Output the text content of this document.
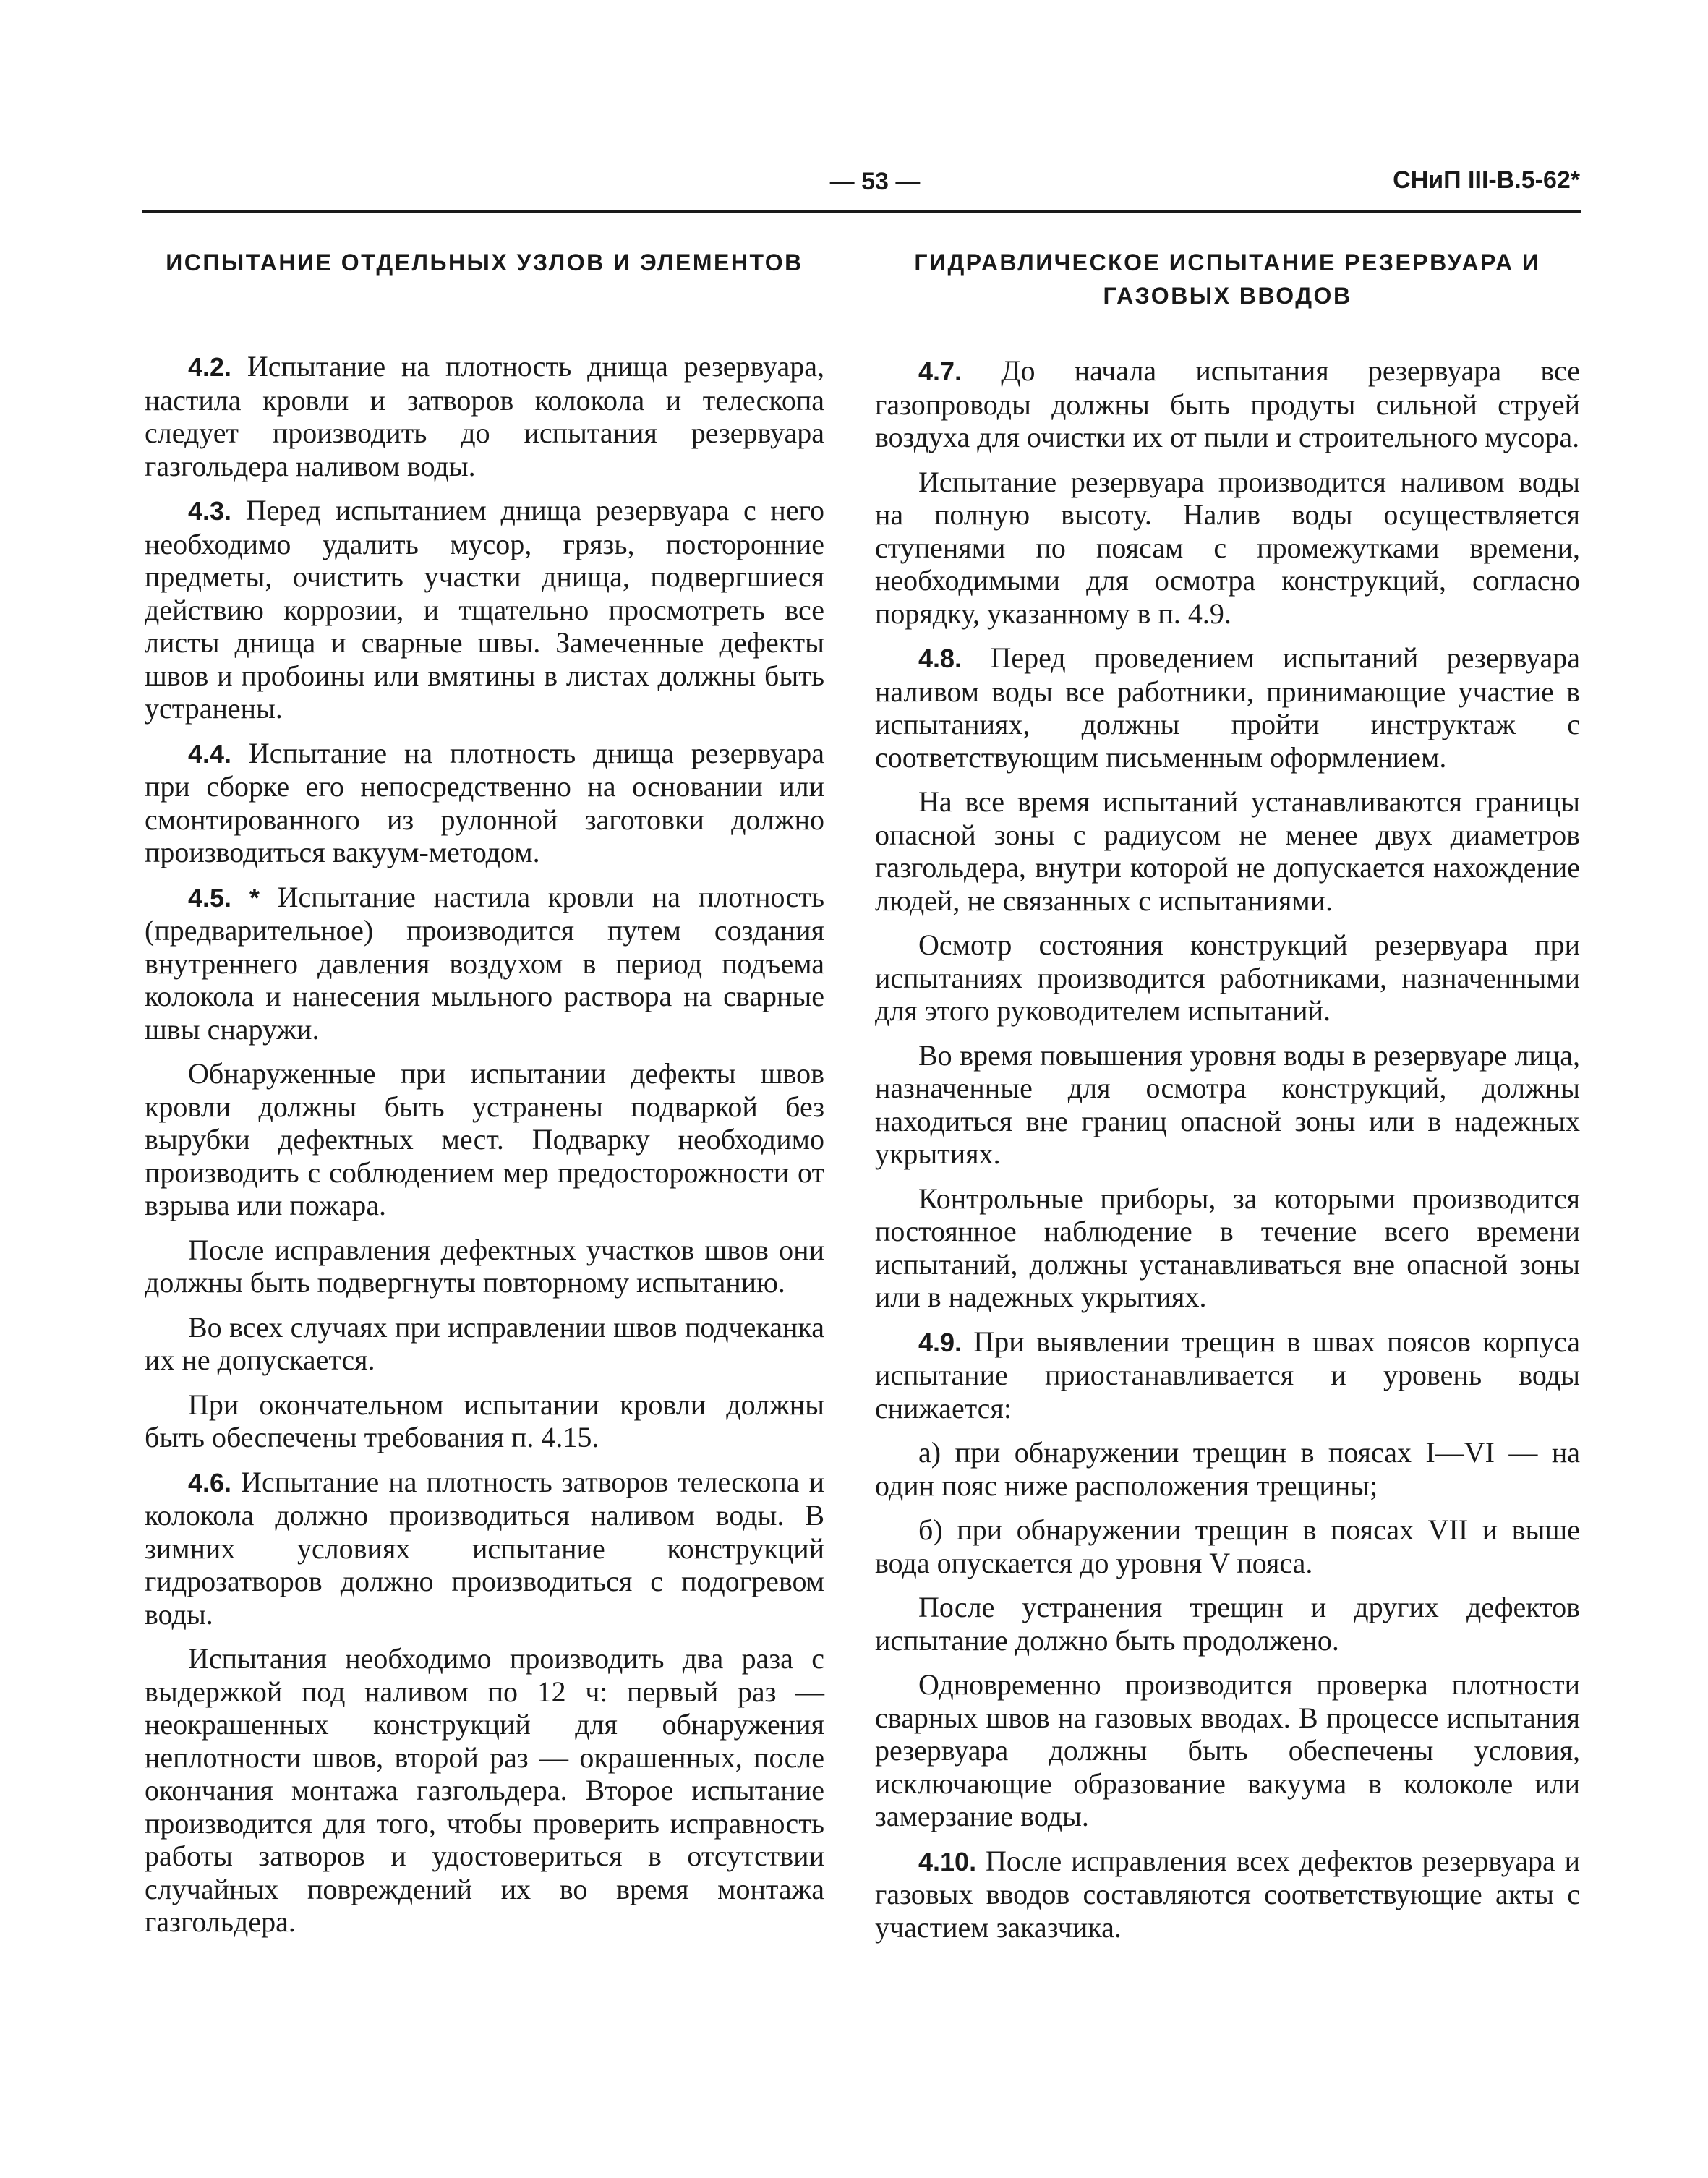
— 53 —	СНиП III-В.5-62*
ИСПЫТАНИЕ ОТДЕЛЬНЫХ УЗЛОВ И ЭЛЕМЕНТОВ

4.2. Испытание на плотность днища резервуара, настила кровли и затворов колокола и телескопа следует производить до испытания резервуара газгольдера наливом воды.

4.3. Перед испытанием днища резервуара с него необходимо удалить мусор, грязь, посторонние предметы, очистить участки днища, подвергшиеся действию коррозии, и тщательно просмотреть все листы днища и сварные швы. Замеченные дефекты швов и пробоины или вмятины в листах должны быть устранены.

4.4. Испытание на плотность днища резервуара при сборке его непосредственно на основании или смонтированного из рулонной заготовки должно производиться вакуум-методом.

4.5. * Испытание настила кровли на плотность (предварительное) производится путем создания внутреннего давления воздухом в период подъема колокола и нанесения мыльного раствора на сварные швы снаружи.

Обнаруженные при испытании дефекты швов кровли должны быть устранены подваркой без вырубки дефектных мест. Подварку необходимо производить с соблюдением мер предосторожности от взрыва или пожара.

После исправления дефектных участков швов они должны быть подвергнуты повторному испытанию.

Во всех случаях при исправлении швов подчеканка их не допускается.

При окончательном испытании кровли должны быть обеспечены требования п. 4.15.

4.6. Испытание на плотность затворов телескопа и колокола должно производиться наливом воды. В зимних условиях испытание конструкций гидрозатворов должно производиться с подогревом воды.

Испытания необходимо производить два раза с выдержкой под наливом по 12 ч: первый раз — неокрашенных конструкций для обнаружения неплотности швов, второй раз — окрашенных, после окончания монтажа газгольдера. Второе испытание производится для того, чтобы проверить исправность работы затворов и удостовериться в отсутствии случайных повреждений их во время монтажа газгольдера.

ГИДРАВЛИЧЕСКОЕ ИСПЫТАНИЕ РЕЗЕРВУАРА И ГАЗОВЫХ ВВОДОВ

4.7. До начала испытания резервуара все газопроводы должны быть продуты сильной струей воздуха для очистки их от пыли и строительного мусора.

Испытание резервуара производится наливом воды на полную высоту. Налив воды осуществляется ступенями по поясам с промежутками времени, необходимыми для осмотра конструкций, согласно порядку, указанному в п. 4.9.

4.8. Перед проведением испытаний резервуара наливом воды все работники, принимающие участие в испытаниях, должны пройти инструктаж с соответствующим письменным оформлением.

На все время испытаний устанавливаются границы опасной зоны с радиусом не менее двух диаметров газгольдера, внутри которой не допускается нахождение людей, не связанных с испытаниями.

Осмотр состояния конструкций резервуара при испытаниях производится работниками, назначенными для этого руководителем испытаний.

Во время повышения уровня воды в резервуаре лица, назначенные для осмотра конструкций, должны находиться вне границ опасной зоны или в надежных укрытиях.

Контрольные приборы, за которыми производится постоянное наблюдение в течение всего времени испытаний, должны устанавливаться вне опасной зоны или в надежных укрытиях.

4.9. При выявлении трещин в швах поясов корпуса испытание приостанавливается и уровень воды снижается:

а) при обнаружении трещин в поясах I—VI — на один пояс ниже расположения трещины;

б) при обнаружении трещин в поясах VII и выше вода опускается до уровня V пояса.

После устранения трещин и других дефектов испытание должно быть продолжено.

Одновременно производится проверка плотности сварных швов на газовых вводах. В процессе испытания резервуара должны быть обеспечены условия, исключающие образование вакуума в колоколе или замерзание воды.

4.10. После исправления всех дефектов резервуара и газовых вводов составляются соответствующие акты с участием заказчика.
